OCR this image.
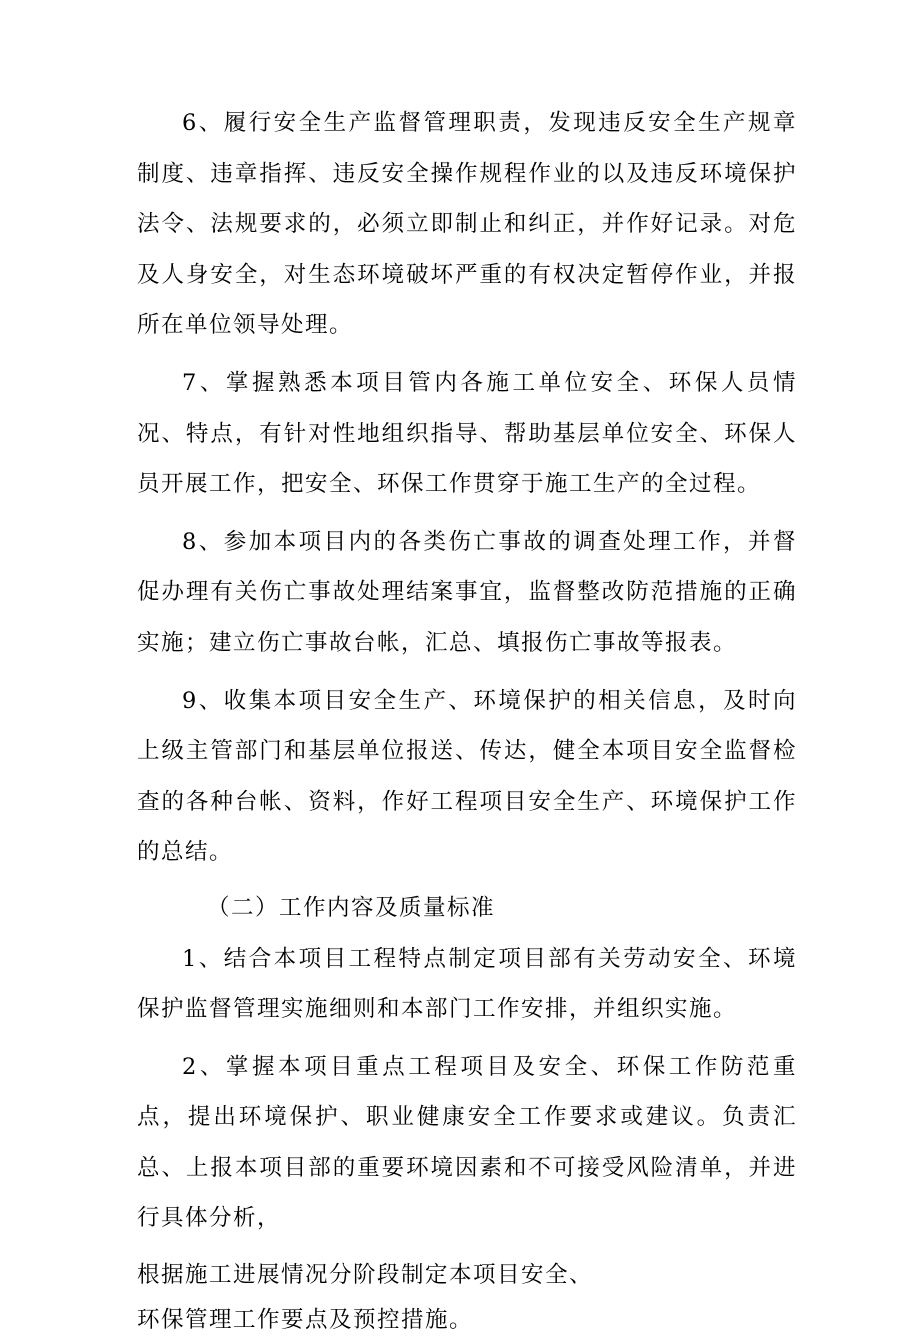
6、履行安全生产监督管理职责，发现违反安全生产规章制度、违章指挥、违反安全操作规程作业的以及违反环境保护法令、法规要求的，必须立即制止和纠正，并作好记录。对危及人身安全，对生态环境破坏严重的有权决定暂停作业，并报所在单位领导处理。

7、掌握熟悉本项目管内各施工单位安全、环保人员情况、特点，有针对性地组织指导、帮助基层单位安全、环保人员开展工作，把安全、环保工作贯穿于施工生产的全过程。

8、参加本项目内的各类伤亡事故的调查处理工作，并督促办理有关伤亡事故处理结案事宜，监督整改防范措施的正确实施；建立伤亡事故台帐，汇总、填报伤亡事故等报表。

9、收集本项目安全生产、环境保护的相关信息，及时向上级主管部门和基层单位报送、传达，健全本项目安全监督检查的各种台帐、资料，作好工程项目安全生产、环境保护工作的总结。

（二）工作内容及质量标准

1、结合本项目工程特点制定项目部有关劳动安全、环境保护监督管理实施细则和本部门工作安排，并组织实施。

2、掌握本项目重点工程项目及安全、环保工作防范重点，提出环境保护、职业健康安全工作要求或建议。负责汇总、上报本项目部的重要环境因素和不可接受风险清单，并进行具体分析，

根据施工进展情况分阶段制定本项目安全、

环保管理工作要点及预控措施。
